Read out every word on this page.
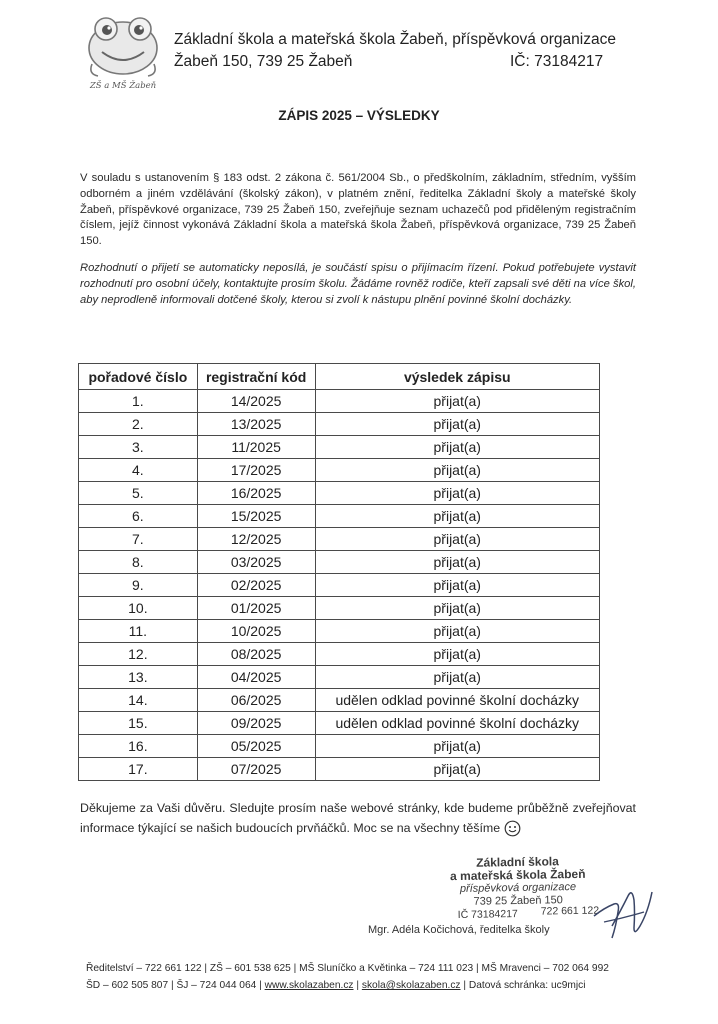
ZŠ a MŠ Žabeň
Základní škola a mateřská škola Žabeň, příspěvková organizace
Žabeň 150, 739 25 Žabeň	IČ: 73184217
ZÁPIS 2025 – VÝSLEDKY
V souladu s ustanovením § 183 odst. 2 zákona č. 561/2004 Sb., o předškolním, základním, středním, vyšším odborném a jiném vzdělávání (školský zákon), v platném znění, ředitelka Základní školy a mateřské školy Žabeň, příspěvkové organizace, 739 25 Žabeň 150, zveřejňuje seznam uchazečů pod přiděleným registračním číslem, jejíž činnost vykonává Základní škola a mateřská škola Žabeň, příspěvková organizace, 739 25 Žabeň 150.
Rozhodnutí o přijetí se automaticky neposílá, je součástí spisu o přijímacím řízení. Pokud potřebujete vystavit rozhodnutí pro osobní účely, kontaktujte prosím školu. Žádáme rovněž rodiče, kteří zapsali své děti na více škol, aby neprodleně informovali dotčené školy, kterou si zvolí k nástupu plnění povinné školní docházky.
pořadové číslo	registrační kód	výsledek zápisu
1.	14/2025	přijat(a)
2.	13/2025	přijat(a)
3.	11/2025	přijat(a)
4.	17/2025	přijat(a)
5.	16/2025	přijat(a)
6.	15/2025	přijat(a)
7.	12/2025	přijat(a)
8.	03/2025	přijat(a)
9.	02/2025	přijat(a)
10.	01/2025	přijat(a)
11.	10/2025	přijat(a)
12.	08/2025	přijat(a)
13.	04/2025	přijat(a)
14.	06/2025	udělen odklad povinné školní docházky
15.	09/2025	udělen odklad povinné školní docházky
16.	05/2025	přijat(a)
17.	07/2025	přijat(a)
Děkujeme za Vaši důvěru. Sledujte prosím naše webové stránky, kde budeme průběžně zveřejňovat informace týkající se našich budoucích prvňáčků. Moc se na všechny těšíme
Základní škola
a mateřská škola Žabeň
příspěvková organizace
739 25 Žabeň 150
IČ 73184217 722 661 122
Mgr. Adéla Kočichová, ředitelka školy
Ředitelství – 722 661 122 | ZŠ – 601 538 625 | MŠ Sluníčko a Květinka – 724 111 023 | MŠ Mravenci – 702 064 992
ŠD – 602 505 807 | ŠJ – 724 044 064 | www.skolazaben.cz | skola@skolazaben.cz | Datová schránka: uc9mjci
